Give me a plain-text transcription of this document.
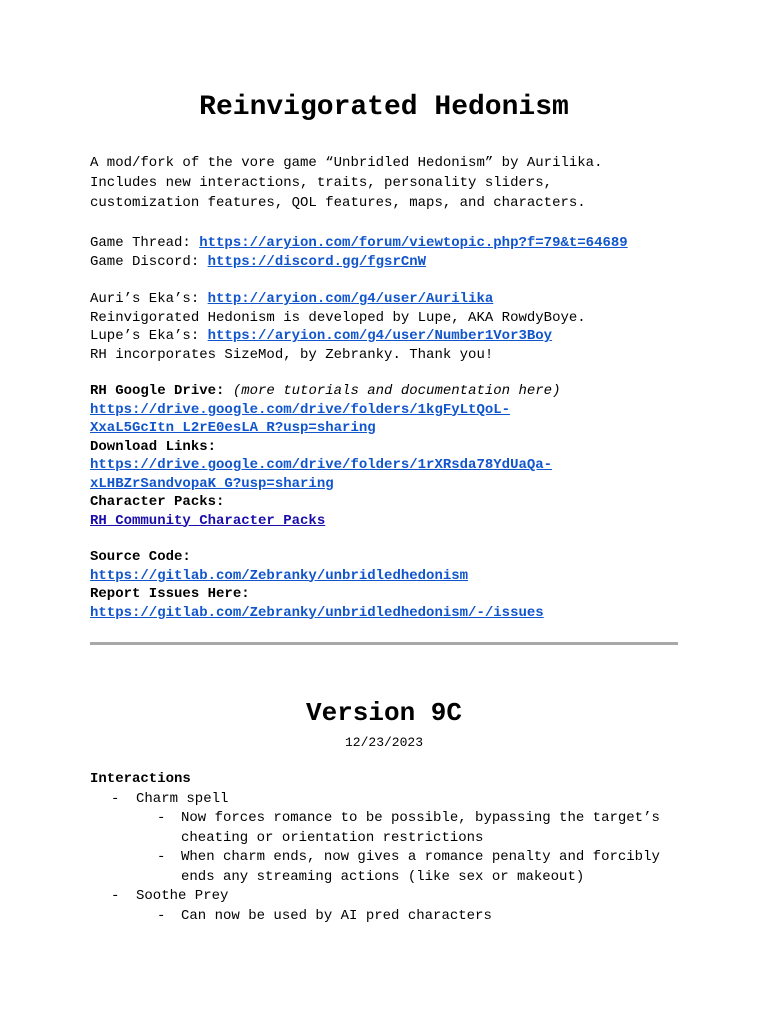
Reinvigorated Hedonism
A mod/fork of the vore game “Unbridled Hedonism” by Aurilika.
Includes new interactions, traits, personality sliders,
customization features, QOL features, maps, and characters.
Game Thread: https://aryion.com/forum/viewtopic.php?f=79&t=64689
Game Discord: https://discord.gg/fgsrCnW
Auri’s Eka’s: http://aryion.com/g4/user/Aurilika
Reinvigorated Hedonism is developed by Lupe, AKA RowdyBoye.
Lupe’s Eka’s: https://aryion.com/g4/user/Number1Vor3Boy
RH incorporates SizeMod, by Zebranky. Thank you!
RH Google Drive: (more tutorials and documentation here)
https://drive.google.com/drive/folders/1kgFyLtQoL-
XxaL5GcItn_L2rE0esLA_R?usp=sharing
Download Links:
https://drive.google.com/drive/folders/1rXRsda78YdUaQa-
xLHBZrSandvopaK_G?usp=sharing
Character Packs:
RH Community Character Packs
Source Code:
https://gitlab.com/Zebranky/unbridledhedonism
Report Issues Here:
https://gitlab.com/Zebranky/unbridledhedonism/-/issues
Version 9C
12/23/2023
Interactions
- Charm spell
- Now forces romance to be possible, bypassing the target’s
cheating or orientation restrictions
- When charm ends, now gives a romance penalty and forcibly
ends any streaming actions (like sex or makeout)
- Soothe Prey
- Can now be used by AI pred characters
